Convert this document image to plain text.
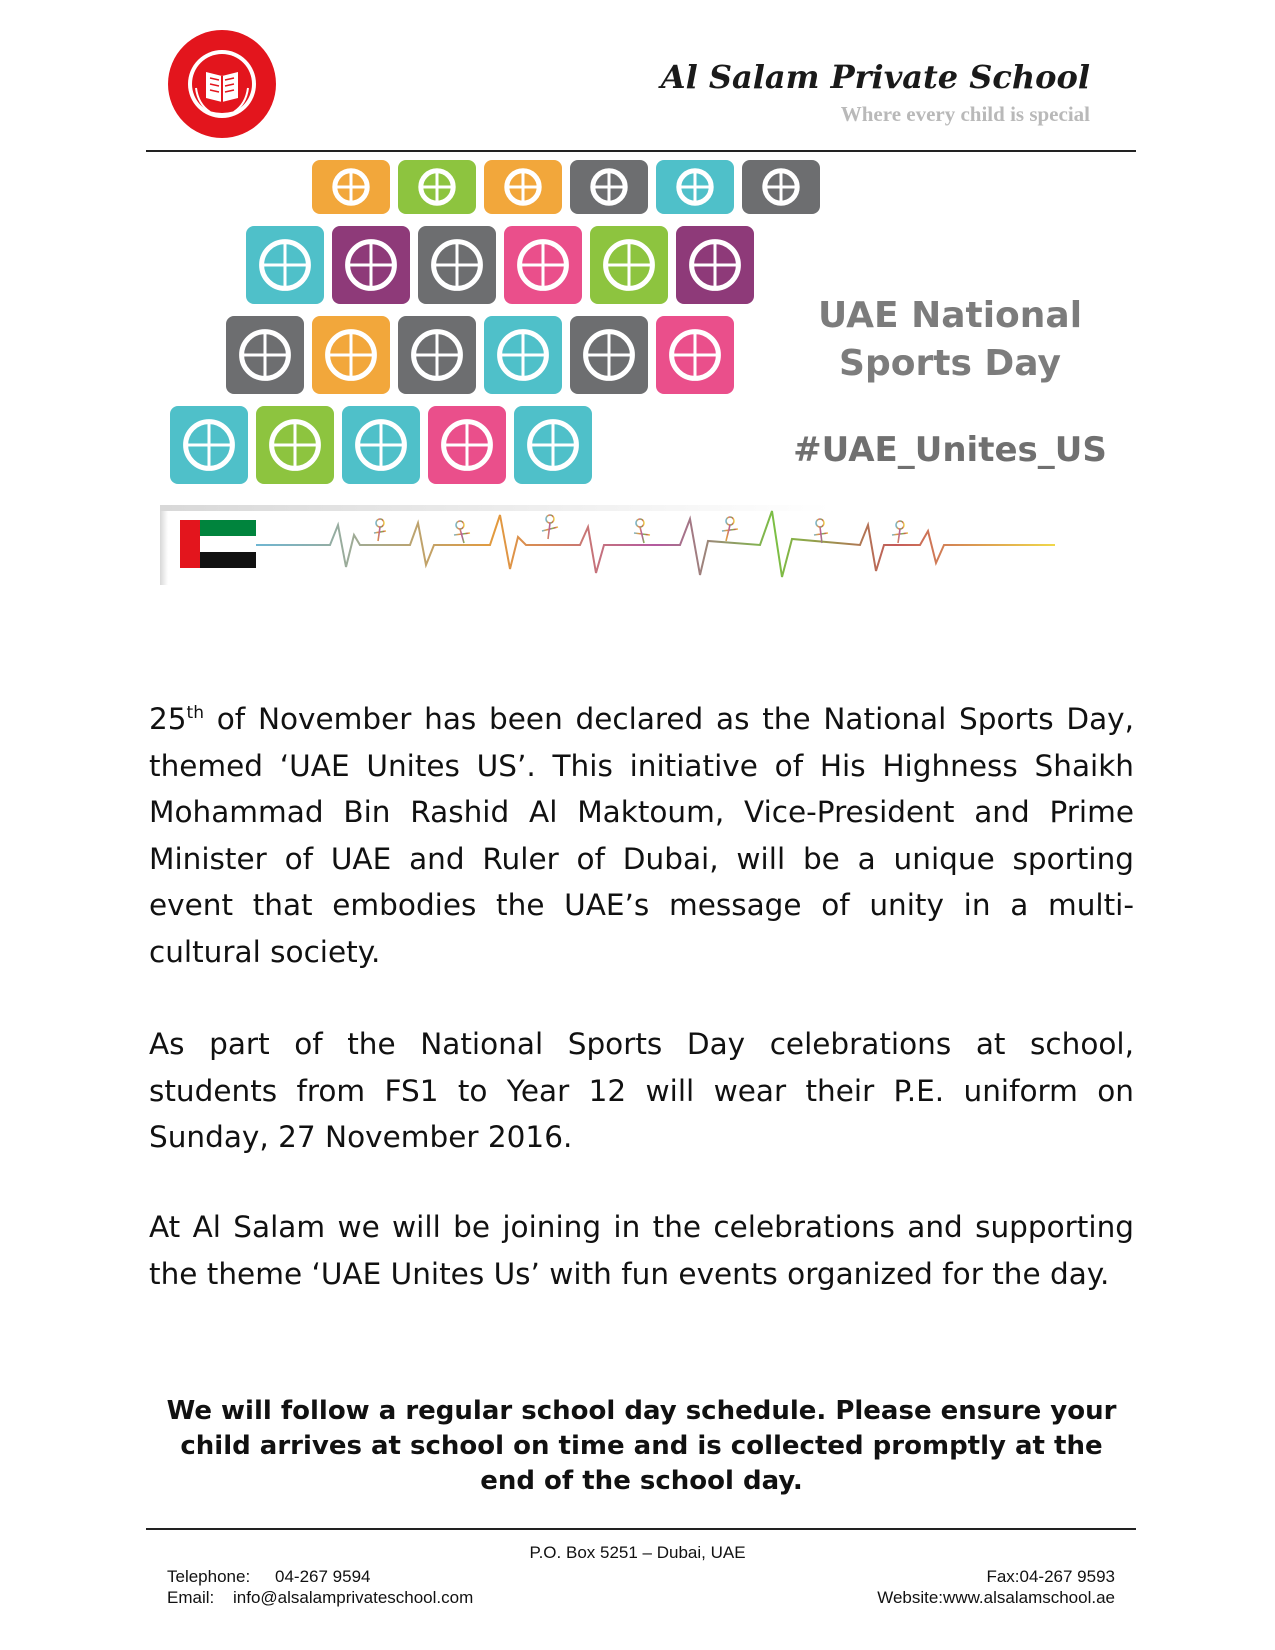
Al Salam Private School
Where every child is special
UAE National
Sports Day
#UAE_Unites_US
25th of November has been declared as the National Sports Day, themed ‘UAE Unites US’. This initiative of His Highness Shaikh Mohammad Bin Rashid Al Maktoum, Vice-President and Prime Minister of UAE and Ruler of Dubai, will be a unique sporting event that embodies the UAE’s message of unity in a multi-cultural society.
As part of the National Sports Day celebrations at school, students from FS1 to Year 12 will wear their P.E. uniform on Sunday, 27 November 2016.
At Al Salam we will be joining in the celebrations and supporting the theme ‘UAE Unites Us’ with fun events organized for the day.
We will follow a regular school day schedule. Please ensure your child arrives at school on time and is collected promptly at the end of the school day.
P.O. Box 5251 – Dubai, UAE
Telephone: 04-267 9594
Email: info@alsalamprivateschool.com
Fax:04-267 9593
Website:www.alsalamschool.ae
